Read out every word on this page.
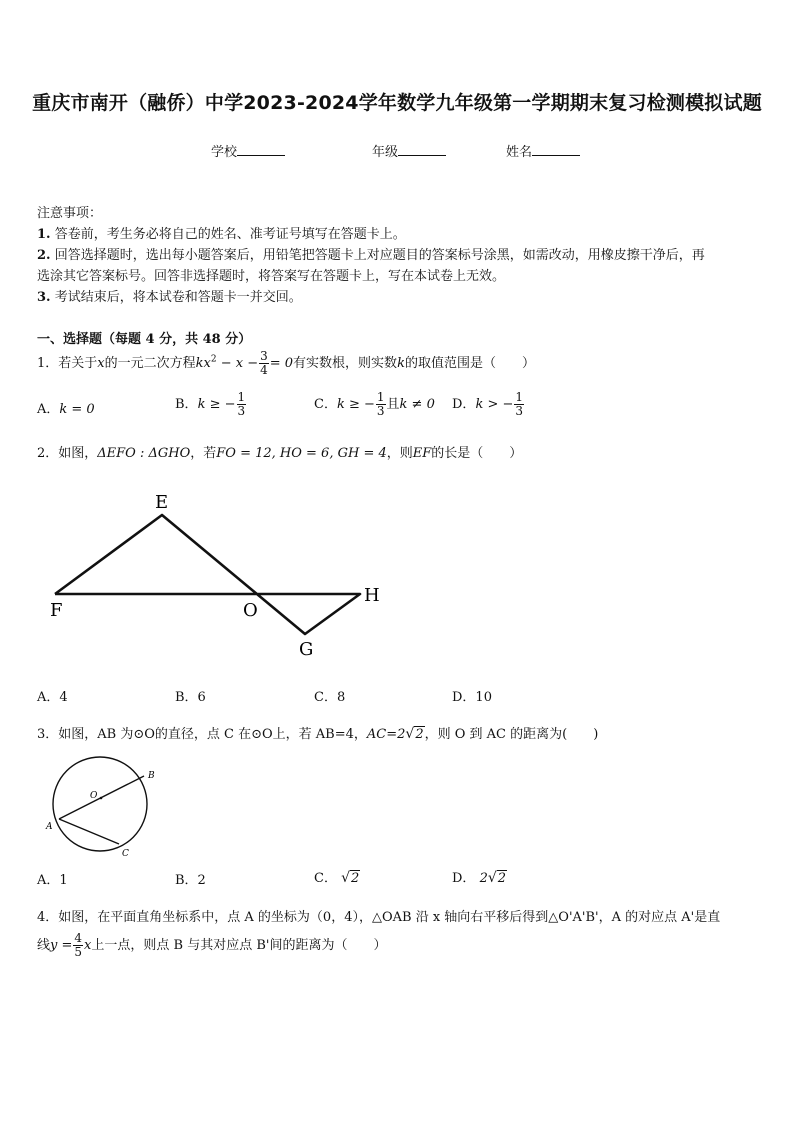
重庆市南开（融侨）中学2023-2024学年数学九年级第一学期期末复习检测模拟试题
学校	年级	姓名

注意事项：

1. 答卷前，考生务必将自己的姓名、准考证号填写在答题卡上。

2. 回答选择题时，选出每小题答案后，用铅笔把答题卡上对应题目的答案标号涂黑，如需改动，用橡皮擦干净后，再

选涂其它答案标号。回答非选择题时，将答案写在答题卡上，写在本试卷上无效。

3. 考试结束后，将本试卷和答题卡一并交回。

一、选择题（每题 4 分，共 48 分）
1．若关于x的一元二次方程$kx^2 - x - \frac{3}{4} = 0$有实数根，则实数k的取值范围是（　　）
A．k = 0	B．k ≥ − $\frac{1}{3}$	C．k ≥ − $\frac{1}{3}$ 且k ≠ 0 D．k > − $\frac{1}{3}$
2．如图，ΔEFO : ΔGHO，若FO = 12, HO = 6, GH = 4，则EF的长是（　　）
E
F	O
H
G
A．4	B．6	C．8	D．10
3．如图，AB 为⊙O的直径，点 C 在⊙O上，若 AB=4，AC=2√2，则 O 到 AC 的距离为(　　)
O
A
B
C
A．1	B．2	C． √2	D． 2√2
4．如图，在平面直角坐标系中，点 A 的坐标为（0，4），△OAB 沿 x 轴向右平移后得到△O'A'B'，A 的对应点 A'是直
线$y = \frac{4}{5}$ x上一点，则点 B 与其对应点 B'间的距离为（　　）
